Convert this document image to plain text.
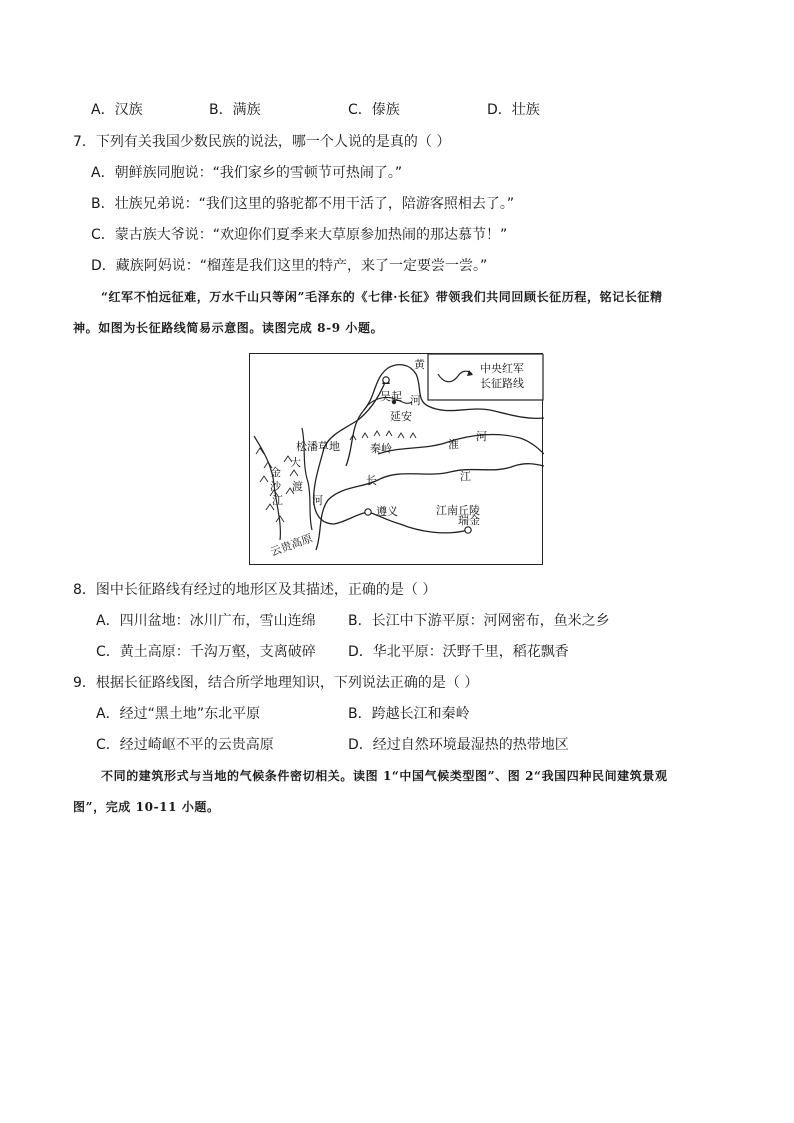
A．汉族	B．满族	C．傣族	D．壮族
7．下列有关我国少数民族的说法，哪一个人说的是真的（ ）
A．朝鲜族同胞说：“我们家乡的雪顿节可热闹了。”
B．壮族兄弟说：“我们这里的骆驼都不用干活了，陪游客照相去了。”
C．蒙古族大爷说：“欢迎你们夏季来大草原参加热闹的那达慕节！”
D．藏族阿妈说：“榴莲是我们这里的特产，来了一定要尝一尝。”
“红军不怕远征难，万水千山只等闲”毛泽东的《七律·长征》带领我们共同回顾长征历程，铭记长征精
神。如图为长征路线简易示意图。读图完成 8-9 小题。
中央红军
长征路线
黄
河
吴起
延安
松潘草地	秦岭	淮
河
大
渡
河
金
沙
江
长	江
遵义	江南丘陵
瑞金
云贵高原
8．图中长征路线有经过的地形区及其描述，正确的是（ ）
A．四川盆地：冰川广布，雪山连绵 B．长江中下游平原：河网密布，鱼米之乡
C．黄土高原：千沟万壑，支离破碎 D．华北平原：沃野千里，稻花飘香
9．根据长征路线图，结合所学地理知识，下列说法正确的是（ ）
A．经过“黑土地”东北平原	B．跨越长江和秦岭
C．经过崎岖不平的云贵高原	D．经过自然环境最湿热的热带地区
不同的建筑形式与当地的气候条件密切相关。读图 1“中国气候类型图”、图 2“我国四种民间建筑景观
图”，完成 10-11 小题。
